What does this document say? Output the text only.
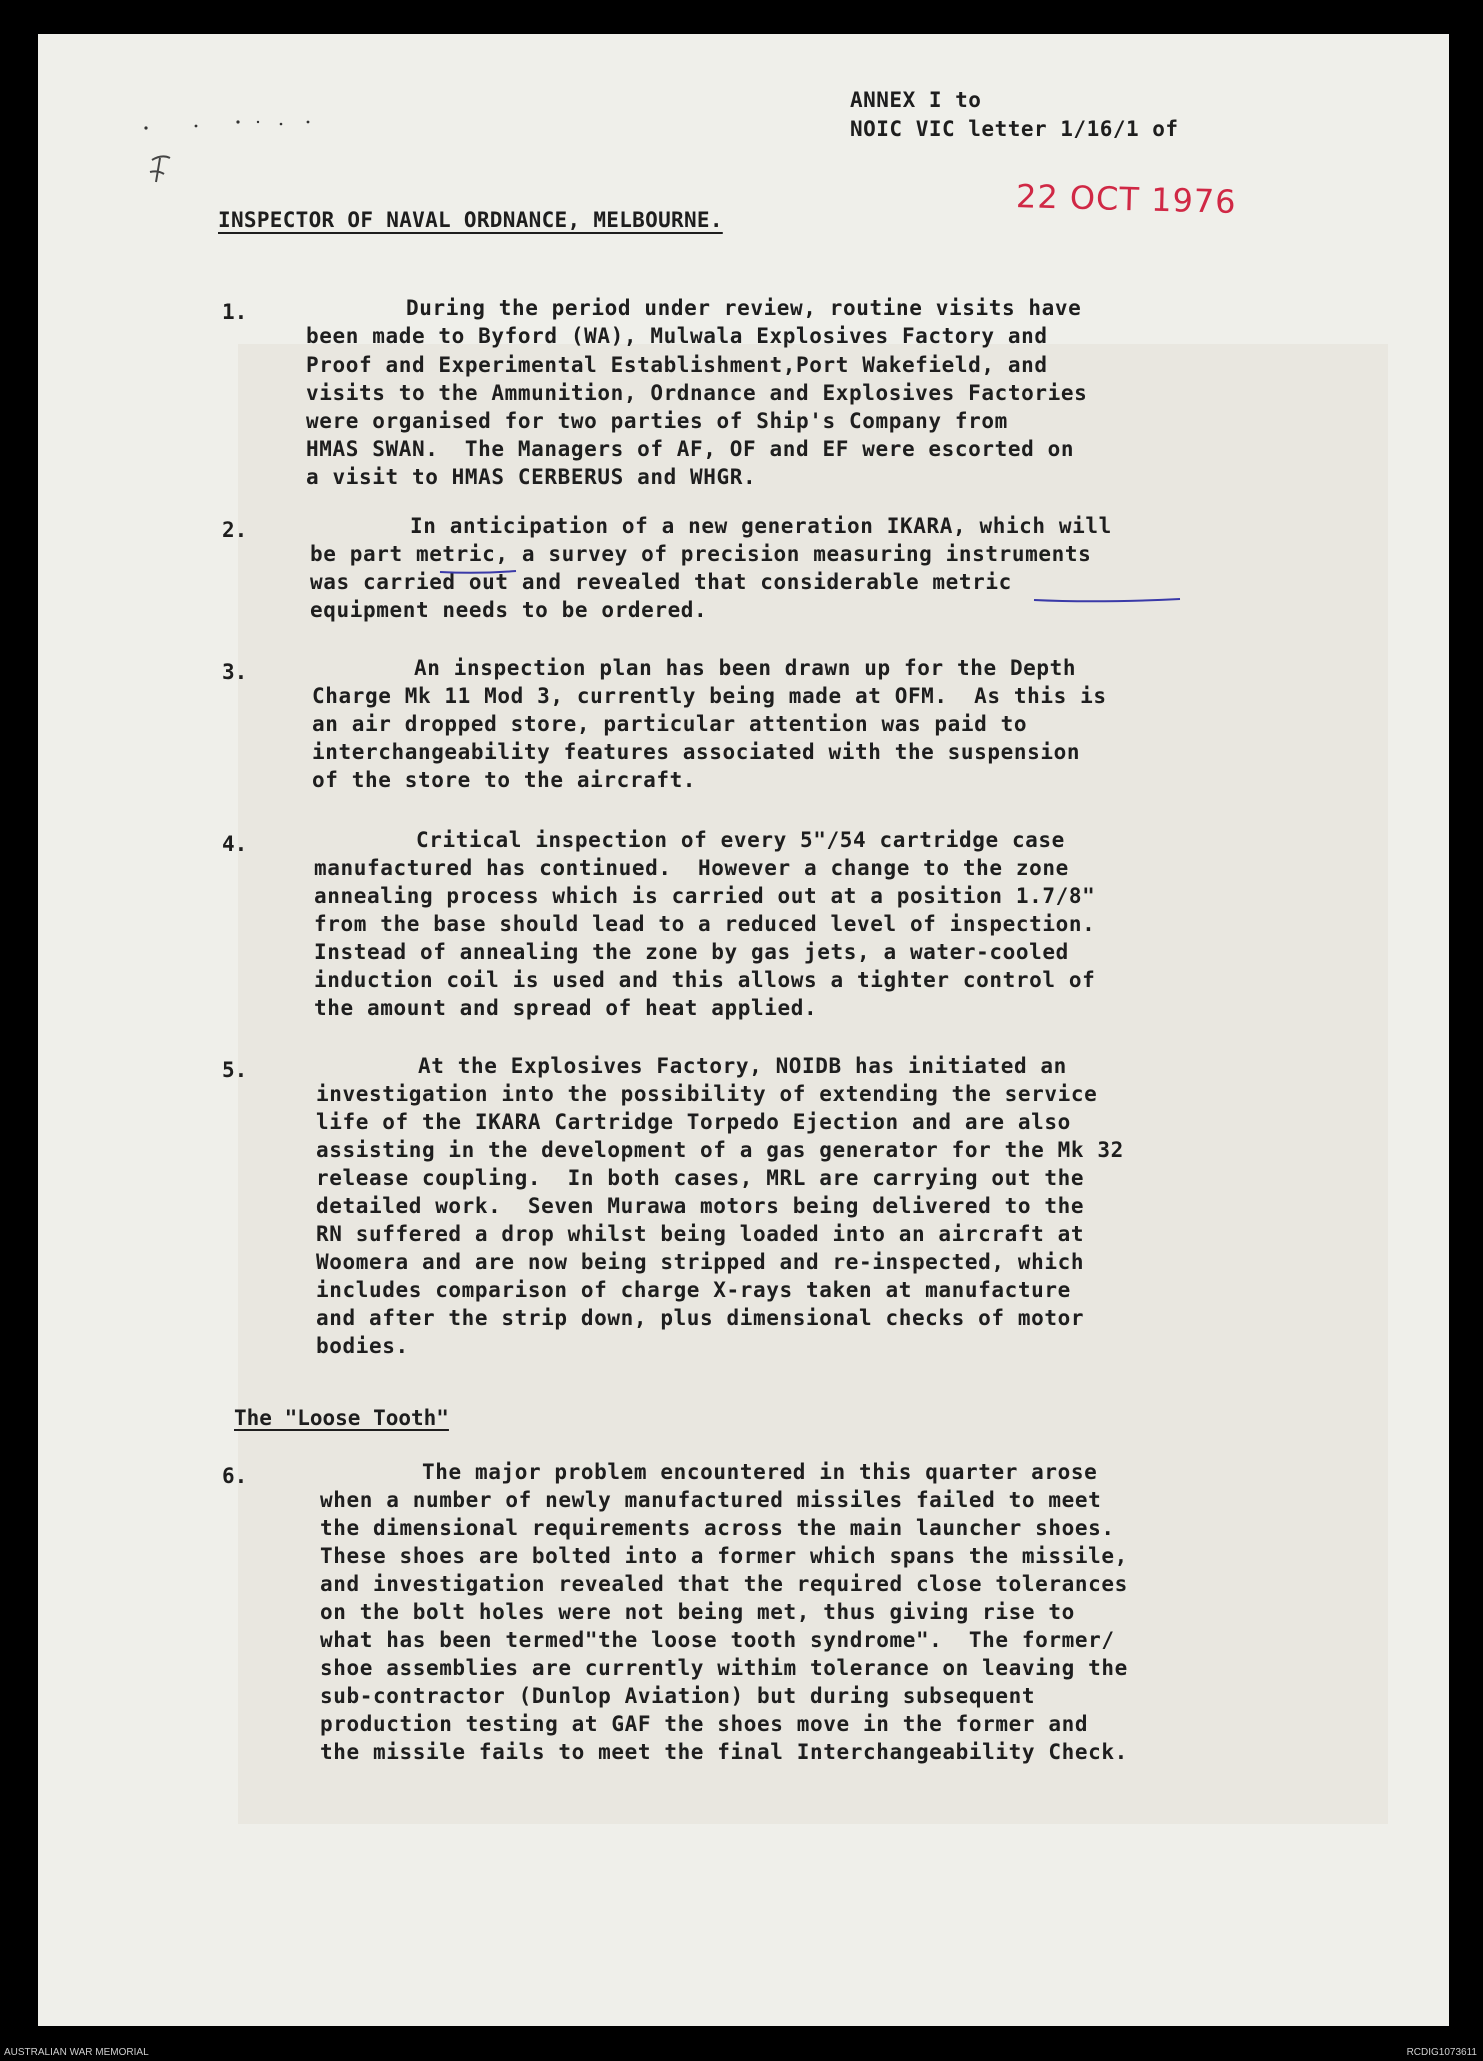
ANNEX I to
NOIC VIC letter 1/16/1 of
22 OCT 1976
INSPECTOR OF NAVAL ORDNANCE, MELBOURNE.
1.	During the period under review, routine visits have
been made to Byford (WA), Mulwala Explosives Factory and
Proof and Experimental Establishment,Port Wakefield, and
visits to the Ammunition, Ordnance and Explosives Factories
were organised for two parties of Ship's Company from
HMAS SWAN.  The Managers of AF, OF and EF were escorted on
a visit to HMAS CERBERUS and WHGR.
2.	In anticipation of a new generation IKARA, which will
be part metric, a survey of precision measuring instruments
was carried out and revealed that considerable metric
equipment needs to be ordered.
3.	An inspection plan has been drawn up for the Depth
Charge Mk 11 Mod 3, currently being made at OFM.  As this is
an air dropped store, particular attention was paid to
interchangeability features associated with the suspension
of the store to the aircraft.
4.	Critical inspection of every 5"/54 cartridge case
manufactured has continued.  However a change to the zone
annealing process which is carried out at a position 1.7/8"
from the base should lead to a reduced level of inspection.
Instead of annealing the zone by gas jets, a water-cooled
induction coil is used and this allows a tighter control of
the amount and spread of heat applied.
5.	At the Explosives Factory, NOIDB has initiated an
investigation into the possibility of extending the service
life of the IKARA Cartridge Torpedo Ejection and are also
assisting in the development of a gas generator for the Mk 32
release coupling.  In both cases, MRL are carrying out the
detailed work.  Seven Murawa motors being delivered to the
RN suffered a drop whilst being loaded into an aircraft at
Woomera and are now being stripped and re-inspected, which
includes comparison of charge X-rays taken at manufacture
and after the strip down, plus dimensional checks of motor
bodies.
The "Loose Tooth"
6.	The major problem encountered in this quarter arose
when a number of newly manufactured missiles failed to meet
the dimensional requirements across the main launcher shoes.
These shoes are bolted into a former which spans the missile,
and investigation revealed that the required close tolerances
on the bolt holes were not being met, thus giving rise to
what has been termed"the loose tooth syndrome".  The former/
shoe assemblies are currently withim tolerance on leaving the
sub-contractor (Dunlop Aviation) but during subsequent
production testing at GAF the shoes move in the former and
the missile fails to meet the final Interchangeability Check.
AUSTRALIAN WAR MEMORIAL	RCDIG1073611
